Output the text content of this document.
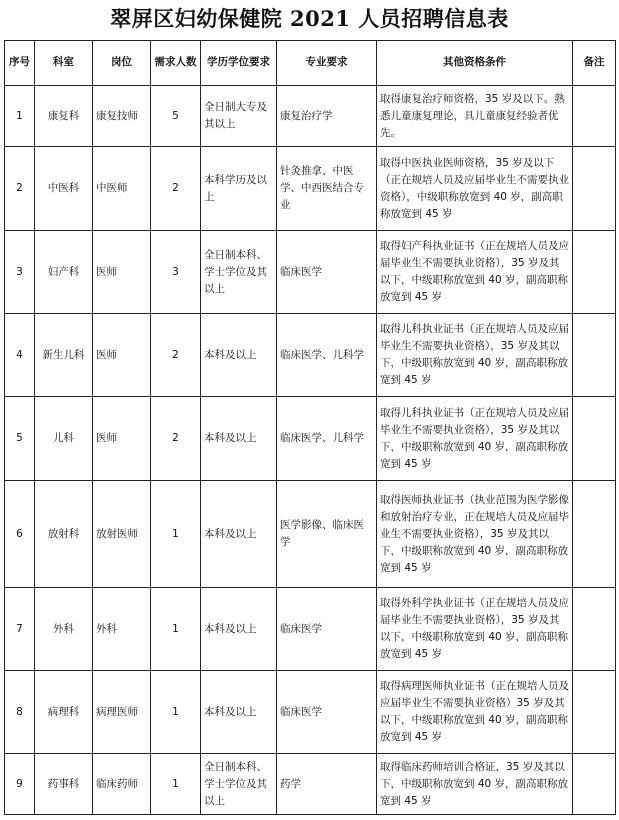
翠屏区妇幼保健院 2021 人员招聘信息表
序号	科室	岗位	需求人数	学历学位要求	专业要求	其他资格条件	备注
1	康复科	康复技师	5	全日制大专及其以上	康复治疗学	取得康复治疗师资格，35 岁及以下。熟悉儿童康复理论，具儿童康复经验者优先。	
2	中医科	中医师	2	本科学历及以上	针灸推拿、中医学、中西医结合专业	取得中医执业医师资格，35 岁及以下（正在规培人员及应届毕业生不需要执业资格），中级职称放宽到 40 岁，副高职称放宽到 45 岁	
3	妇产科	医师	3	全日制本科、学士学位及其以上	临床医学	取得妇产科执业证书（正在规培人员及应届毕业生不需要执业资格），35 岁及其以下，中级职称放宽到 40 岁，副高职称放宽到 45 岁	
4	新生儿科	医师	2	本科及以上	临床医学、儿科学	取得儿科执业证书（正在规培人员及应届毕业生不需要执业资格），35 岁及其以下，中级职称放宽到 40 岁，副高职称放宽到 45 岁	
5	儿科	医师	2	本科及以上	临床医学、儿科学	取得儿科执业证书（正在规培人员及应届毕业生不需要执业资格），35 岁及其以下，中级职称放宽到 40 岁，副高职称放宽到 45 岁	
6	放射科	放射医师	1	本科及以上	医学影像、临床医学	取得医师执业证书（执业范围为医学影像和放射治疗专业，正在规培人员及应届毕业生不需要执业资格），35 岁及其以下，中级职称放宽到 40 岁，副高职称放宽到 45 岁	
7	外科	外科	1	本科及以上	临床医学	取得外科学执业证书（正在规培人员及应届毕业生不需要执业资格），35 岁及其以下，中级职称放宽到 40 岁，副高职称放宽到 45 岁	
8	病理科	病理医师	1	本科及以上	临床医学	取得病理医师执业证书（正在规培人员及应届毕业生不需要执业资格）35 岁及其以下，中级职称放宽到 40 岁，副高职称放宽到 45 岁	
9	药事科	临床药师	1	全日制本科、学士学位及其以上	药学	取得临床药师培训合格证，35 岁及其以下，中级职称放宽到 40 岁，副高职称放宽到 45 岁	
